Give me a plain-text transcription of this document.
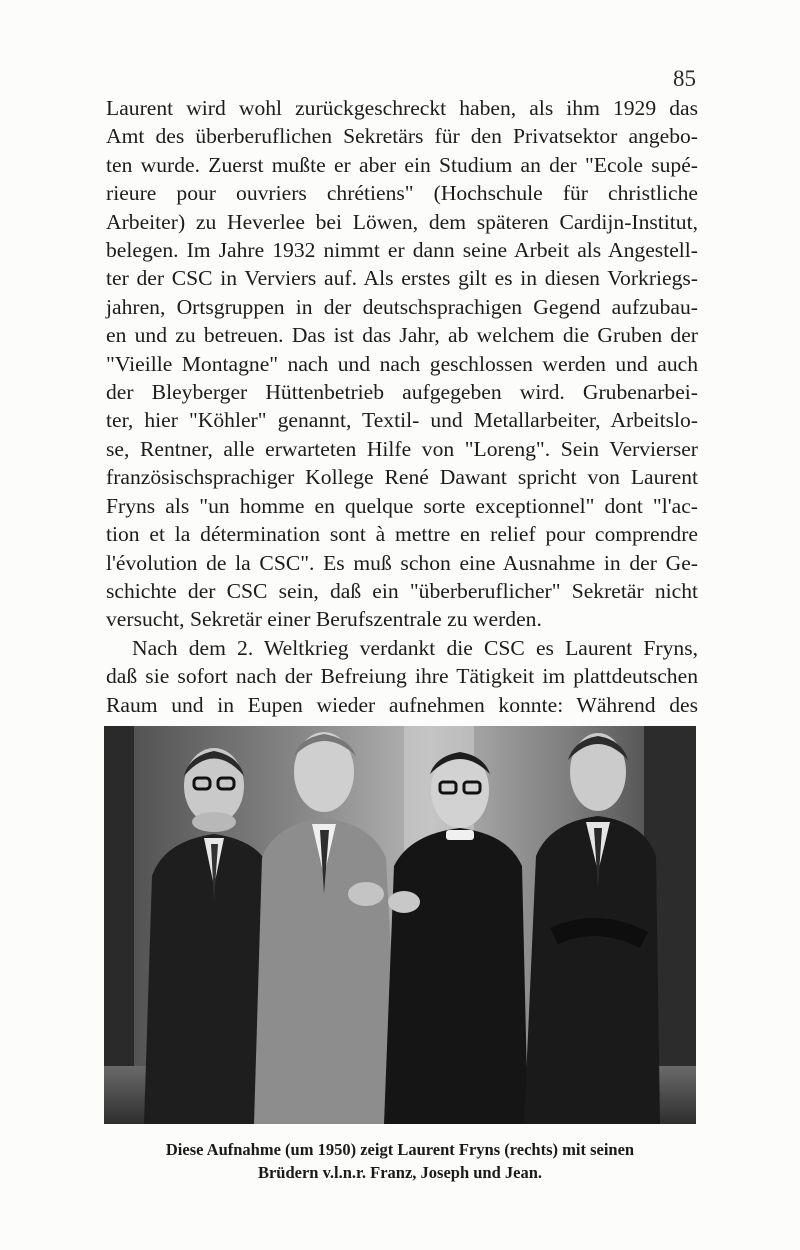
85

Laurent wird wohl zurückgeschreckt haben, als ihm 1929 das

Amt des überberuflichen Sekretärs für den Privatsektor angebo-

ten wurde. Zuerst mußte er aber ein Studium an der "Ecole supé-

rieure pour ouvriers chrétiens" (Hochschule für christliche

Arbeiter) zu Heverlee bei Löwen, dem späteren Cardijn-Institut,

belegen. Im Jahre 1932 nimmt er dann seine Arbeit als Angestell-

ter der CSC in Verviers auf. Als erstes gilt es in diesen Vorkriegs-

jahren, Ortsgruppen in der deutschsprachigen Gegend aufzubau-

en und zu betreuen. Das ist das Jahr, ab welchem die Gruben der

"Vieille Montagne" nach und nach geschlossen werden und auch

der Bleyberger Hüttenbetrieb aufgegeben wird. Grubenarbei-

ter, hier "Köhler" genannt, Textil- und Metallarbeiter, Arbeitslo-

se, Rentner, alle erwarteten Hilfe von "Loreng". Sein Vervierser

französischsprachiger Kollege René Dawant spricht von Laurent

Fryns als "un homme en quelque sorte exceptionnel" dont "l'ac-

tion et la détermination sont à mettre en relief pour comprendre

l'évolution de la CSC". Es muß schon eine Ausnahme in der Ge-

schichte der CSC sein, daß ein "überberuflicher" Sekretär nicht

versucht, Sekretär einer Berufszentrale zu werden.

Nach dem 2. Weltkrieg verdankt die CSC es Laurent Fryns,

daß sie sofort nach der Befreiung ihre Tätigkeit im plattdeutschen

Raum und in Eupen wieder aufnehmen konnte: Während des

Diese Aufnahme (um 1950) zeigt Laurent Fryns (rechts) mit seinen
Brüdern v.l.n.r. Franz, Joseph und Jean.
